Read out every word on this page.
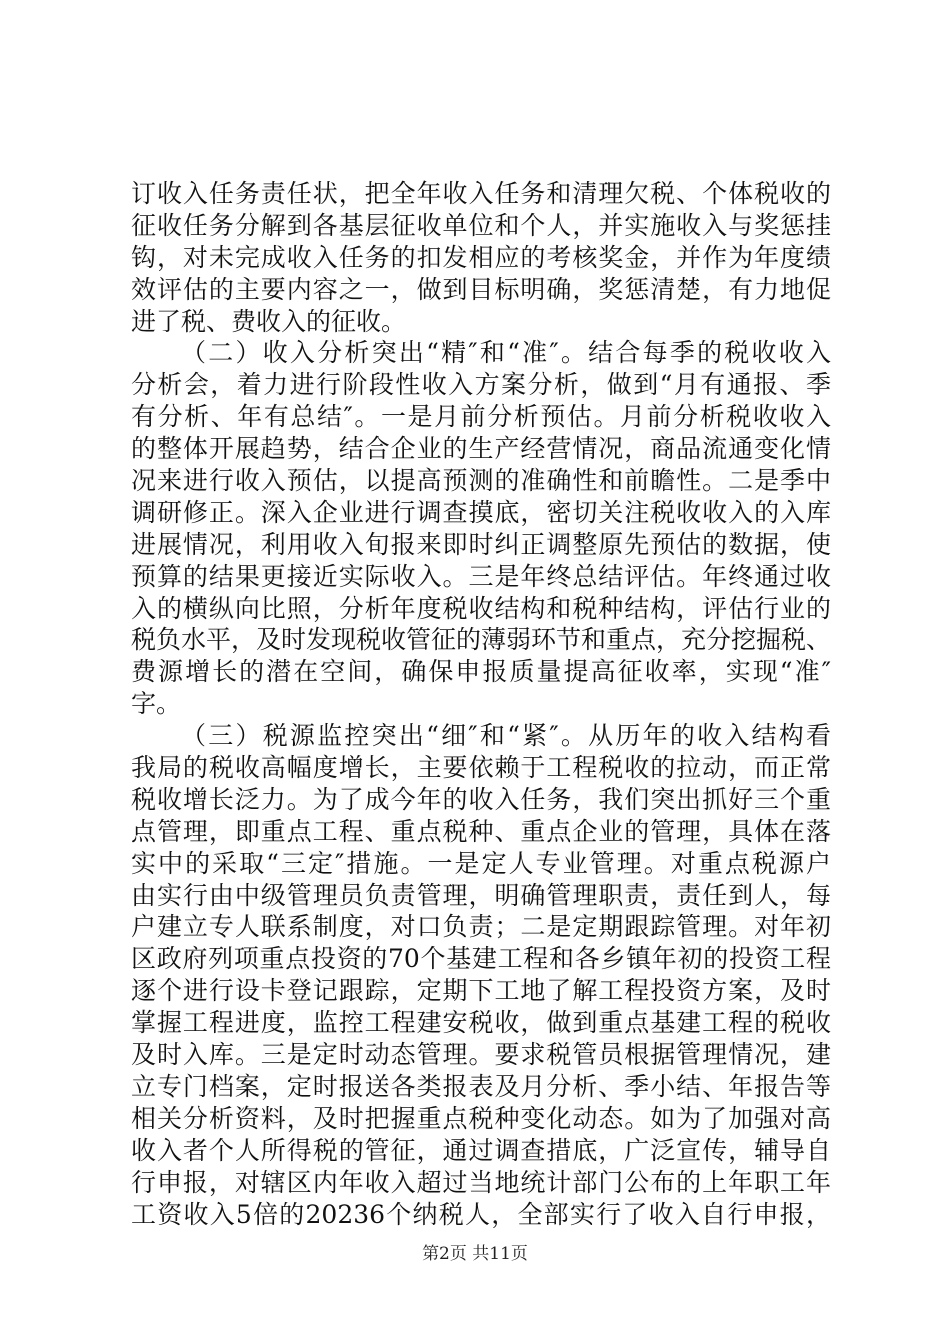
订收入任务责任状，把全年收入任务和清理欠税、个体税收的
征收任务分解到各基层征收单位和个人，并实施收入与奖惩挂
钩，对未完成收入任务的扣发相应的考核奖金，并作为年度绩
效评估的主要内容之一，做到目标明确，奖惩清楚，有力地促
进了税、费收入的征收。
（二）收入分析突出“精″和“准″。结合每季的税收收入
分析会，着力进行阶段性收入方案分析，做到“月有通报、季
有分析、年有总结″。一是月前分析预估。月前分析税收收入
的整体开展趋势，结合企业的生产经营情况，商品流通变化情
况来进行收入预估，以提高预测的准确性和前瞻性。二是季中
调研修正。深入企业进行调查摸底，密切关注税收收入的入库
进展情况，利用收入旬报来即时纠正调整原先预估的数据，使
预算的结果更接近实际收入。三是年终总结评估。年终通过收
入的横纵向比照，分析年度税收结构和税种结构，评估行业的
税负水平，及时发现税收管征的薄弱环节和重点，充分挖掘税、
费源增长的潜在空间，确保申报质量提高征收率，实现“准″
字。
（三）税源监控突出“细″和“紧″。从历年的收入结构看
我局的税收高幅度增长，主要依赖于工程税收的拉动，而正常
税收增长泛力。为了成今年的收入任务，我们突出抓好三个重
点管理，即重点工程、重点税种、重点企业的管理，具体在落
实中的采取“三定″措施。一是定人专业管理。对重点税源户
由实行由中级管理员负责管理，明确管理职责，责任到人，每
户建立专人联系制度，对口负责；二是定期跟踪管理。对年初
区政府列项重点投资的70个基建工程和各乡镇年初的投资工程
逐个进行设卡登记跟踪，定期下工地了解工程投资方案，及时
掌握工程进度，监控工程建安税收，做到重点基建工程的税收
及时入库。三是定时动态管理。要求税管员根据管理情况，建
立专门档案，定时报送各类报表及月分析、季小结、年报告等
相关分析资料，及时把握重点税种变化动态。如为了加强对高
收入者个人所得税的管征，通过调查措底，广泛宣传，辅导自
行申报，对辖区内年收入超过当地统计部门公布的上年职工年
工资收入5倍的20236个纳税人，全部实行了收入自行申报，
第2页 共11页
